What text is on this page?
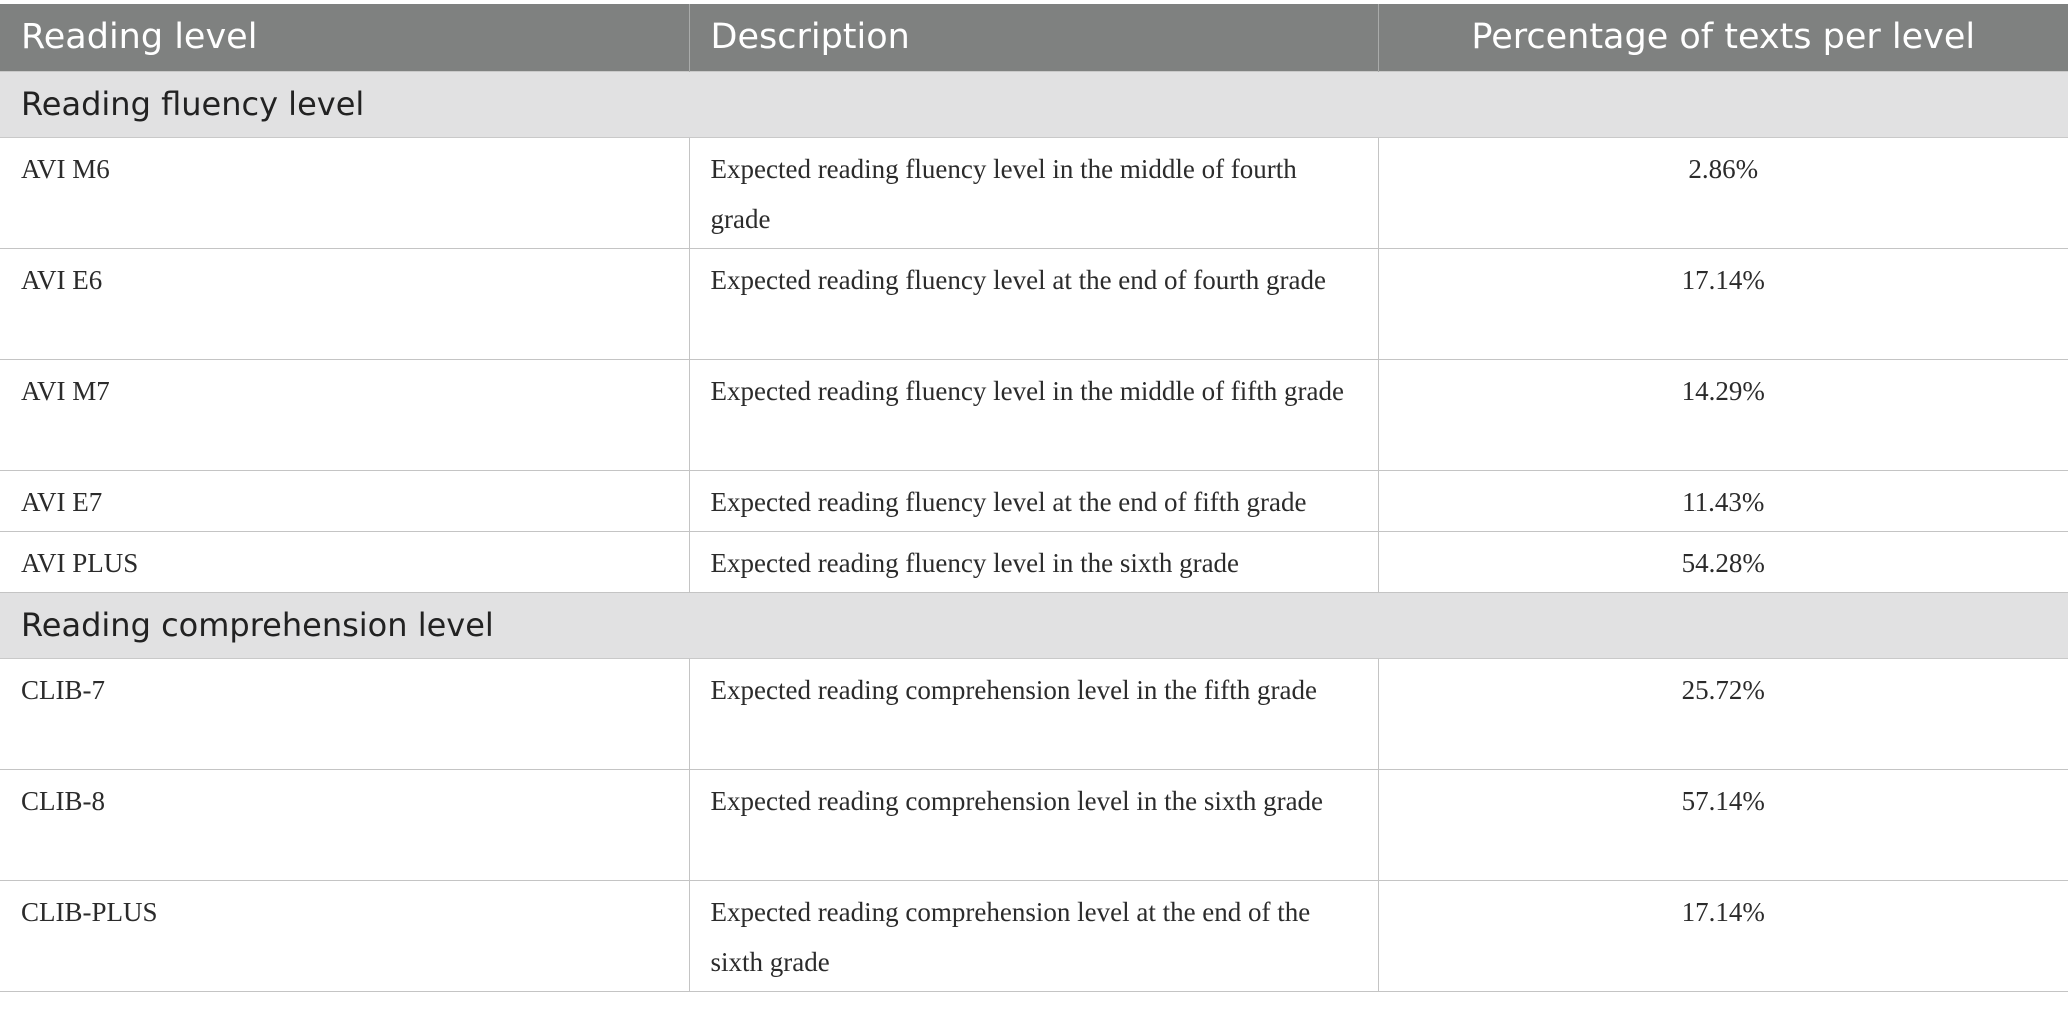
Reading level	Description	Percentage of texts per level
Reading fluency level		
AVI M6	Expected reading fluency level in the middle of fourth grade	2.86%
AVI E6	Expected reading fluency level at the end of fourth grade	17.14%
AVI M7	Expected reading fluency level in the middle of fifth grade	14.29%
AVI E7	Expected reading fluency level at the end of fifth grade	11.43%
AVI PLUS	Expected reading fluency level in the sixth grade	54.28%
Reading comprehension level		
CLIB-7	Expected reading comprehension level in the fifth grade	25.72%
CLIB-8	Expected reading comprehension level in the sixth grade	57.14%
CLIB-PLUS	Expected reading comprehension level at the end of the sixth grade	17.14%
